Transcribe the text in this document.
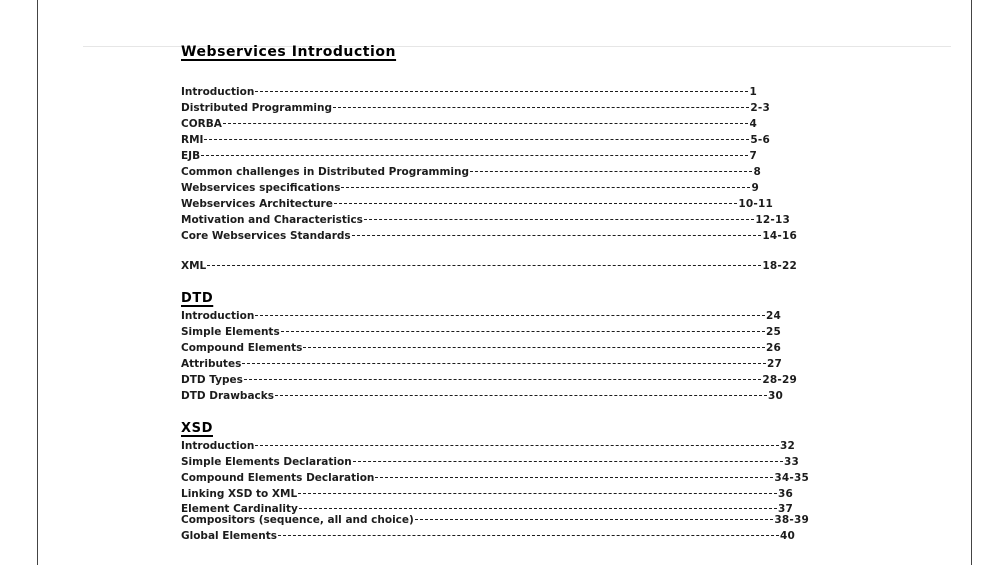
Webservices Introduction
DTD
XSD
Introduction	1
Distributed Programming	2-3
CORBA	4
RMI	5-6
EJB	7
Common challenges in Distributed Programming	8
Webservices specifications	9
Webservices Architecture	10-11
Motivation and Characteristics	12-13
Core Webservices Standards	14-16
XML	18-22
Introduction	24
Simple Elements	25
Compound Elements	26
Attributes	27
DTD Types	28-29
DTD Drawbacks	30
Introduction	32
Simple Elements Declaration	33
Compound Elements Declaration	34-35
Linking XSD to XML	36
Element Cardinality	37
Compositors (sequence, all and choice)	38-39
Global Elements	40
